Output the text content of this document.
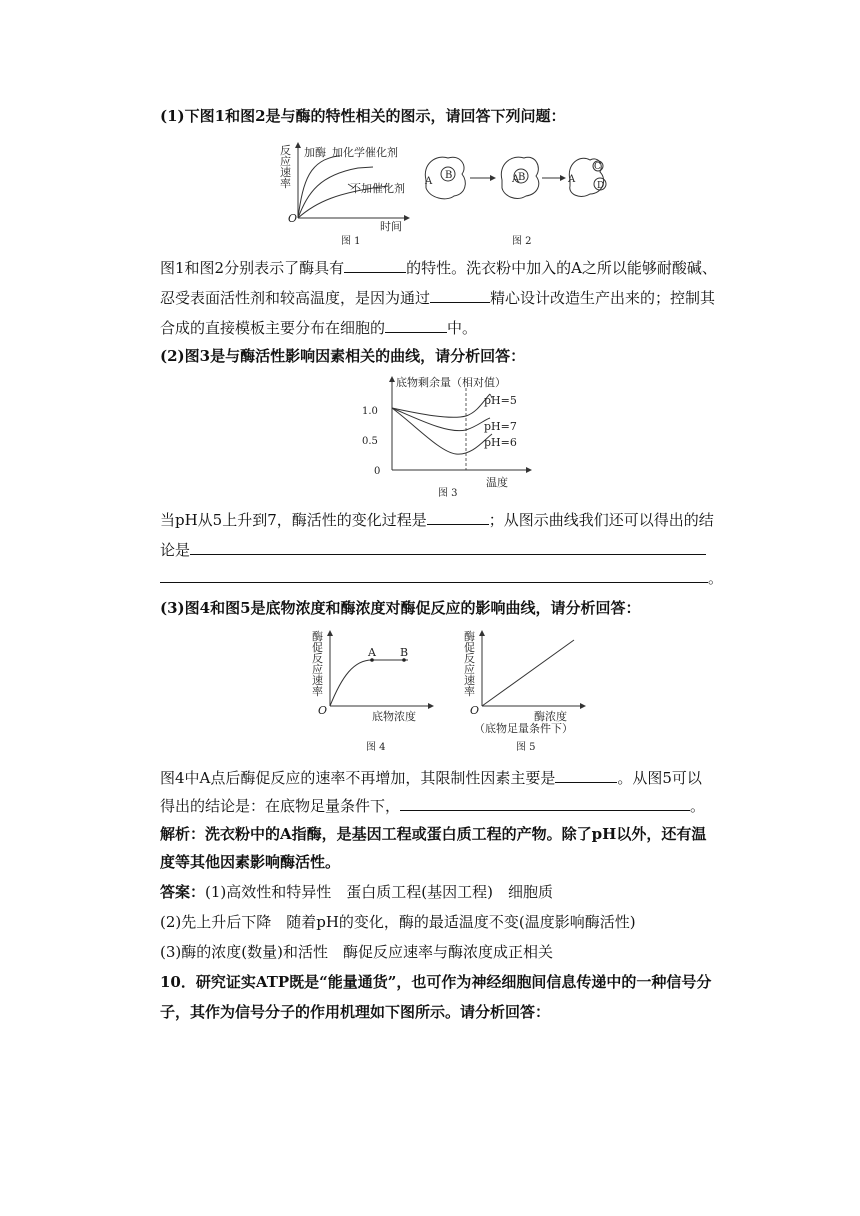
(1)下图1和图2是与酶的特性相关的图示，请回答下列问题：
反
应
速
率
O
时间
加酶 加化学催化剂
不加催化剂
图 1
A
B	A
B	A
C
D
图 2
图1和图2分别表示了酶具有	的特性。洗衣粉中加入的A之所以能够耐酸碱、
忍受表面活性剂和较高温度，是因为通过	精心设计改造生产出来的；控制其
合成的直接模板主要分布在细胞的	中。
(2)图3是与酶活性影响因素相关的曲线，请分析回答：
底物剩余量（相对值）
1.0
0.5
0
pH=5
pH=7
pH=6
图 3
温度
当pH从5上升到7，酶活性的变化过程是	；从图示曲线我们还可以得出的结
论是
。
(3)图4和图5是底物浓度和酶浓度对酶促反应的影响曲线，请分析回答：
酶
促
反
应
速
率
O
A B
底物浓度
图 4
酶
促
反
应
速
率
O	酶浓度
（底物足量条件下）
图 5
图4中A点后酶促反应的速率不再增加，其限制性因素主要是	。从图5可以
得出的结论是：在底物足量条件下，	。
解析：洗衣粉中的A指酶，是基因工程或蛋白质工程的产物。除了pH以外，还有温
度等其他因素影响酶活性。
答案：(1)高效性和特异性　蛋白质工程(基因工程)　细胞质
(2)先上升后下降　随着pH的变化，酶的最适温度不变(温度影响酶活性)
(3)酶的浓度(数量)和活性　酶促反应速率与酶浓度成正相关
10．研究证实ATP既是“能量通货”，也可作为神经细胞间信息传递中的一种信号分
子，其作为信号分子的作用机理如下图所示。请分析回答：
